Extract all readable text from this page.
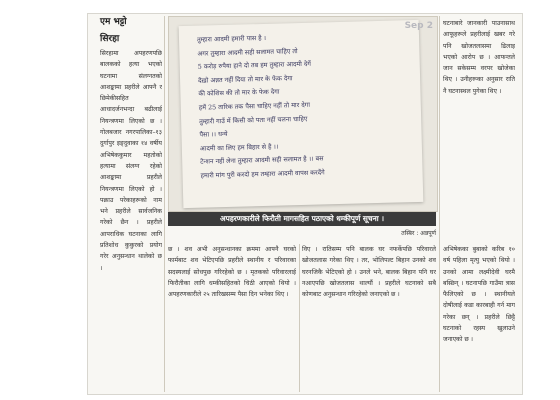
एम भट्टो
सिरहा

सिरहामा अपहरणपछि बालकको हत्या भएको घटनामा संलग्नतको आशङ्कामा प्रहरीले आफ्नै र छिमेकीसहित आधादर्जनभन्दा बढीलाई नियन्त्रणमा लिएको छ । गोलबजार नगरपालिका–१३ दुर्गापुर इङ्दुवाका १४ वर्षीय अभिषेककुमार महतोको हत्यामा संलग्न रहेको आशङ्कामा प्रहरीले नियन्त्रणमा लिएको हो । पक्राउ परेकाहरूको नाम भने प्रहरीले सार्वजनिक गरेको छैन । प्रहरीले आपराधिक घटनाका लागि प्रतिशोध कुकुरको प्रयोग गरेर अनुसन्धान थालेको छ ।

तुम्हारा आदमी हमारी पास है ।

अगर तुम्हारा आदमी सही सलामत चाहिए तो

5 करोड़ रुपैया हाने दो तब हम तुम्हारा आदमी देगें

देख़ो अन्नत नहीं दिया तो मार के फेक देगा

की कोशिस की तो मार के फेक देगा

हमें 25 तारिक तक पैसा चाहिए नहीं तो मार देगा

तुम्हारी गाउँ में किसी को पता नहीं चलना चाहिए

पैसा ।। धन्ये

आदमी का लिए हम बिहार से है ।।

टेन्शन नहीं लेना तुम्हारा आदमी सही सलामत है ।। बस

हमारी मांग पुरी करदो हम तम्हारा आदमी वापस करदेंगे

Sep 2
अपहरणकारीले फिरौती मागसहित पठाएको धम्कीपूर्ण सूचना ।
तस्बिर : अन्नपूर्ण

छ । शव अभी अनुसन्धानका क्रममा आफ्नै घरको फार्मबाट शव भेटिएपछि प्रहरीले स्थानीय र परिवारका सदस्यलाई सोधपुछ गरिरहेको छ । मृतकको परिवारलाई फिरौतीका लागि धम्कीसहितको चिठी आएको थियो । अपहरणकारीले २५ तारिखसम्म पैसा दिन भनेका थिए ।

विए । रातिसम्म पनि बालक घर नफर्केपछि परिवारले खोजतलास गरेका थिए । तर, भोलिपल्ट बिहान उनको शव घरनजिकै भेटिएको हो । उनले भने, बालक बिहान पनि घर नआएपछि खोजतलास थाल्यौं । प्रहरीले घटनाको सबै कोणबाट अनुसन्धान गरिरहेको जनाएको छ ।

घटनाबारे जानकारी पाउनासाथ आफूहरूले प्रहरीलाई खबर गरे पनि खोजतलासमा ढिलाइ भएको आरोप छ । आफन्तले जान सकेसम्म वरपर खोजेका थिए । उनीहरूका अनुसार राति नै घटनास्थल पुगेका थिए ।

अभिषेकका बुबाको करिब १० वर्ष पहिला मृत्यु भएको थियो । उनको आमा लक्ष्मीदेवी घरमै बस्छिन् । घटनापछि गाउँमा त्रास फैलिएको छ । स्थानीयले दोषीलाई कडा कारबाही गर्न माग गरेका छन् । प्रहरीले छिट्टै घटनाको रहस्य खुलाउने जनाएको छ ।
